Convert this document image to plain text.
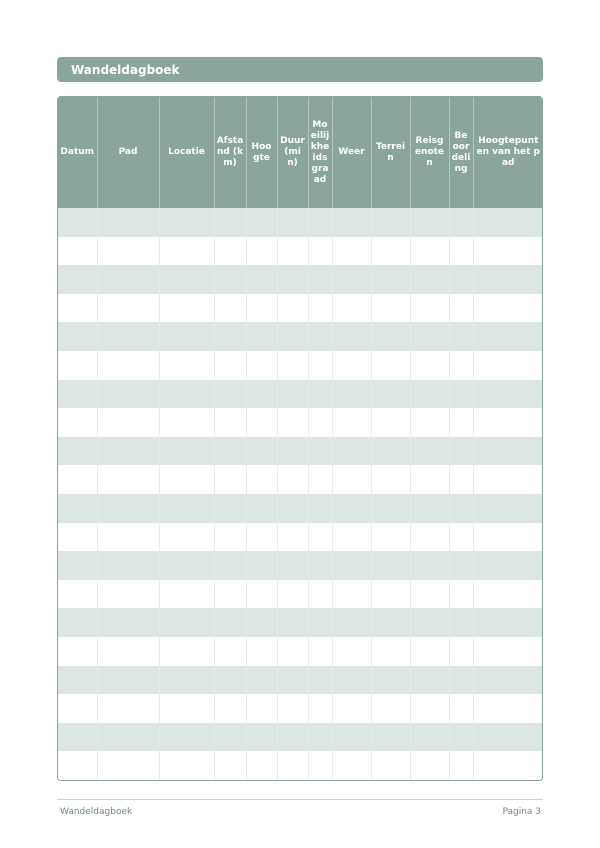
Wandeldagboek
Datum	Pad	Locatie	Afstand (km)	Hoogte	Duur (min)	Moeilijkheidsgraad	Weer	Terrein	Reisgenoten	Beoordeling	Hoogtepunten van het pad

Wandeldagboek	Pagina 3
